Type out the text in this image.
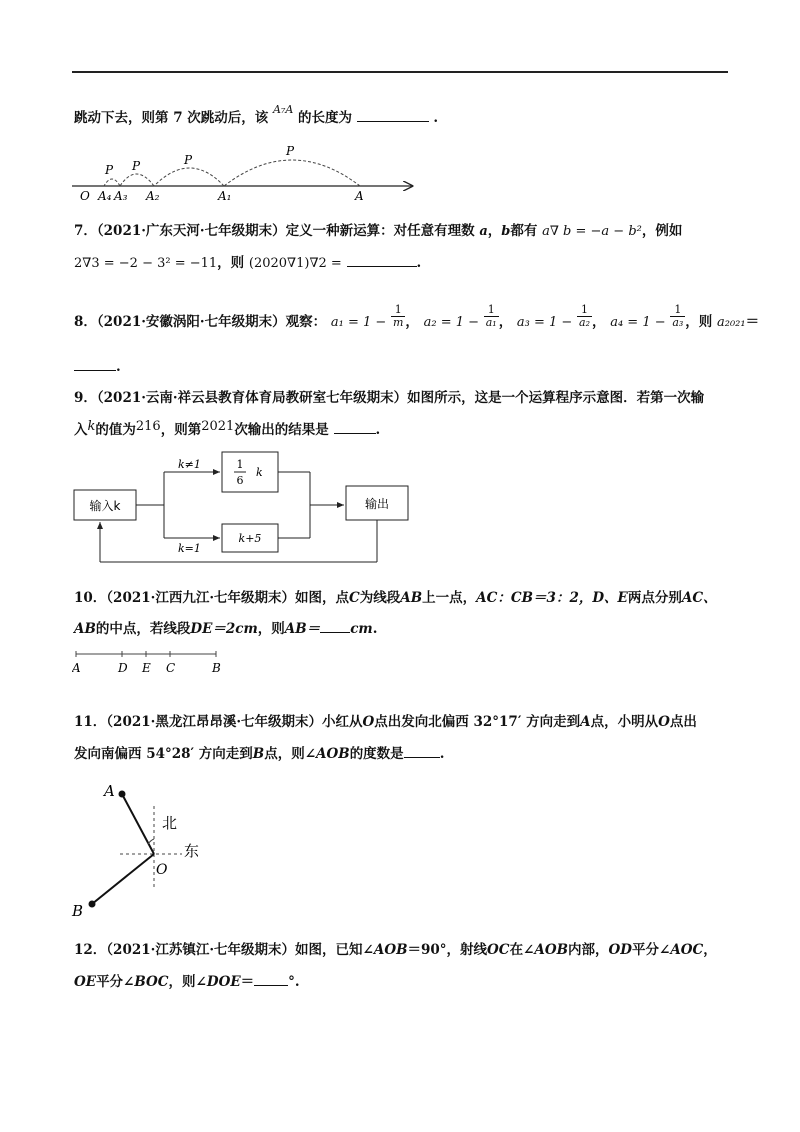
跳动下去，则第 7 次跳动后，该 $^{A_7A}$ 的长度为	.
O A₄ A₃ A₂	A₁	A
P
P
P
P
7．（2021·广东天河·七年级期末）定义一种新运算：对任意有理数 a，b都有 a∇ b = −a − b²，例如
2∇3 = −2 − 3² = −11，则 (2020∇1)∇2 =	.
8．（2021·安徽涡阳·七年级期末）观察： $a_1 = 1 - \frac{1}{m}$ ， $a_2 = 1 - \frac{1}{\text{a₁}}$ ， $a_3 = 1 - \frac{1}{\text{a₂}}$ ， $a_4 = 1 - \frac{1}{\text{a₃}}$ ，则 a₂₀₂₁＝
.
9．（2021·云南·祥云县教育体育局教研室七年级期末）如图所示，这是一个运算程序示意图．若第一次输
入k的值为216，则第2021次输出的结果是	.
输入k
k≠1
k=1
1
6
k
k+5
输出
10．（2021·江西九江·七年级期末）如图，点C为线段AB上一点，AC：CB＝3：2，D、E两点分别AC、
AB的中点，若线段DE＝2cm，则AB＝ cm.
A	D E C	B
11．（2021·黑龙江昂昂溪·七年级期末）小红从O点出发向北偏西 32°17′ 方向走到A点，小明从O点出
发向南偏西 54°28′ 方向走到B点，则∠AOB的度数是	.
A
B
O
北
东
12．（2021·江苏镇江·七年级期末）如图，已知∠AOB＝90°，射线OC在∠AOB内部，OD平分∠AOC，
OE平分∠BOC，则∠DOE＝	°.
